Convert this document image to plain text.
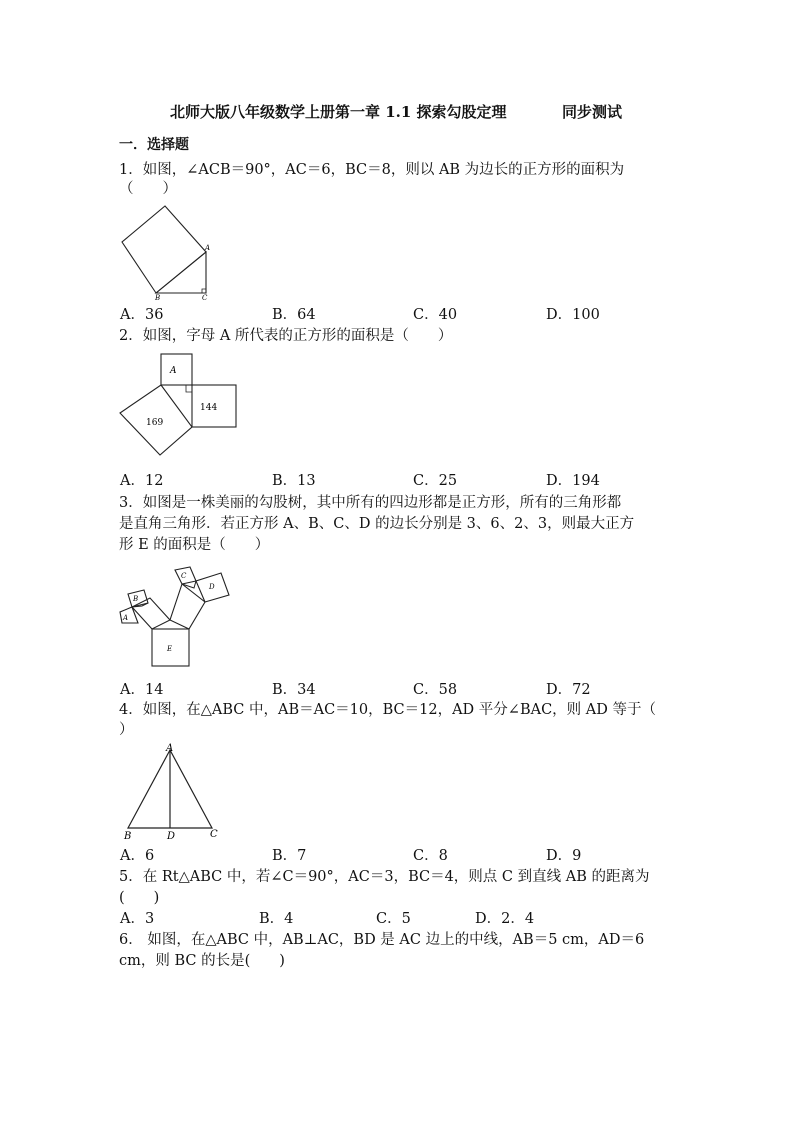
北师大版八年级数学上册第一章 1.1 探索勾股定理	同步测试
一．选择题
1．如图，∠ACB＝90°，AC＝6，BC＝8，则以 AB 为边长的正方形的面积为
（　　）
A
B	C
A．36	B．64	C．40	D．100
2．如图，字母 A 所代表的正方形的面积是（　　）
A
144
169
A．12	B．13	C．25	D．194
3．如图是一株美丽的勾股树，其中所有的四边形都是正方形，所有的三角形都
是直角三角形．若正方形 A、B、C、D 的边长分别是 3、6、2、3，则最大正方
形 E 的面积是（　　）
A
B
C
D
E
A．14	B．34	C．58	D．72
4．如图，在△ABC 中，AB＝AC＝10，BC＝12，AD 平分∠BAC，则 AD 等于（
）
A
B	D	C
A．6	B．7	C．8	D．9
5．在 Rt△ABC 中，若∠C＝90°，AC＝3，BC＝4，则点 C 到直线 AB 的距离为
(　　)
A．3	B．4	C．5	D．2．4
6． 如图，在△ABC 中，AB⊥AC，BD 是 AC 边上的中线，AB＝5 cm，AD＝6
cm，则 BC 的长是(　　)
